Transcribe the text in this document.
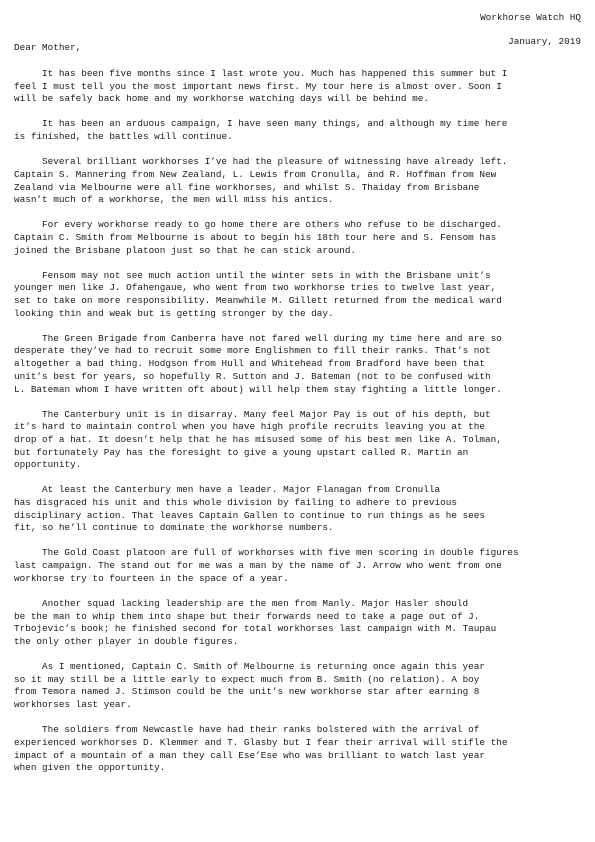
Workhorse Watch HQ
January, 2019
Dear Mother,

It has been five months since I last wrote you. Much has happened this summer but I
feel I must tell you the most important news first. My tour here is almost over. Soon I
will be safely back home and my workhorse watching days will be behind me.

It has been an arduous campaign, I have seen many things, and although my time here
is finished, the battles will continue.

Several brilliant workhorses I’ve had the pleasure of witnessing have already left.
Captain S. Mannering from New Zealand, L. Lewis from Cronulla, and R. Hoffman from New
Zealand via Melbourne were all fine workhorses, and whilst S. Thaiday from Brisbane
wasn’t much of a workhorse, the men will miss his antics.

For every workhorse ready to go home there are others who refuse to be discharged.
Captain C. Smith from Melbourne is about to begin his 18th tour here and S. Fensom has
joined the Brisbane platoon just so that he can stick around.

Fensom may not see much action until the winter sets in with the Brisbane unit’s
younger men like J. Ofahengaue, who went from two workhorse tries to twelve last year,
set to take on more responsibility. Meanwhile M. Gillett returned from the medical ward
looking thin and weak but is getting stronger by the day.

The Green Brigade from Canberra have not fared well during my time here and are so
desperate they’ve had to recruit some more Englishmen to fill their ranks. That’s not
altogether a bad thing. Hodgson from Hull and Whitehead from Bradford have been that
unit’s best for years, so hopefully R. Sutton and J. Bateman (not to be confused with
L. Bateman whom I have written oft about) will help them stay fighting a little longer.

The Canterbury unit is in disarray. Many feel Major Pay is out of his depth, but
it’s hard to maintain control when you have high profile recruits leaving you at the
drop of a hat. It doesn’t help that he has misused some of his best men like A. Tolman,
but fortunately Pay has the foresight to give a young upstart called R. Martin an
opportunity.

At least the Canterbury men have a leader. Major Flanagan from Cronulla
has disgraced his unit and this whole division by failing to adhere to previous
disciplinary action. That leaves Captain Gallen to continue to run things as he sees
fit, so he’ll continue to dominate the workhorse numbers.

The Gold Coast platoon are full of workhorses with five men scoring in double figures
last campaign. The stand out for me was a man by the name of J. Arrow who went from one
workhorse try to fourteen in the space of a year.

Another squad lacking leadership are the men from Manly. Major Hasler should
be the man to whip them into shape but their forwards need to take a page out of J.
Trbojevic’s book; he finished second for total workhorses last campaign with M. Taupau
the only other player in double figures.

As I mentioned, Captain C. Smith of Melbourne is returning once again this year
so it may still be a little early to expect much from B. Smith (no relation). A boy
from Temora named J. Stimson could be the unit’s new workhorse star after earning 8
workhorses last year.

The soldiers from Newcastle have had their ranks bolstered with the arrival of
experienced workhorses D. Klemmer and T. Glasby but I fear their arrival will stifle the
impact of a mountain of a man they call Ese’Ese who was brilliant to watch last year
when given the opportunity.
